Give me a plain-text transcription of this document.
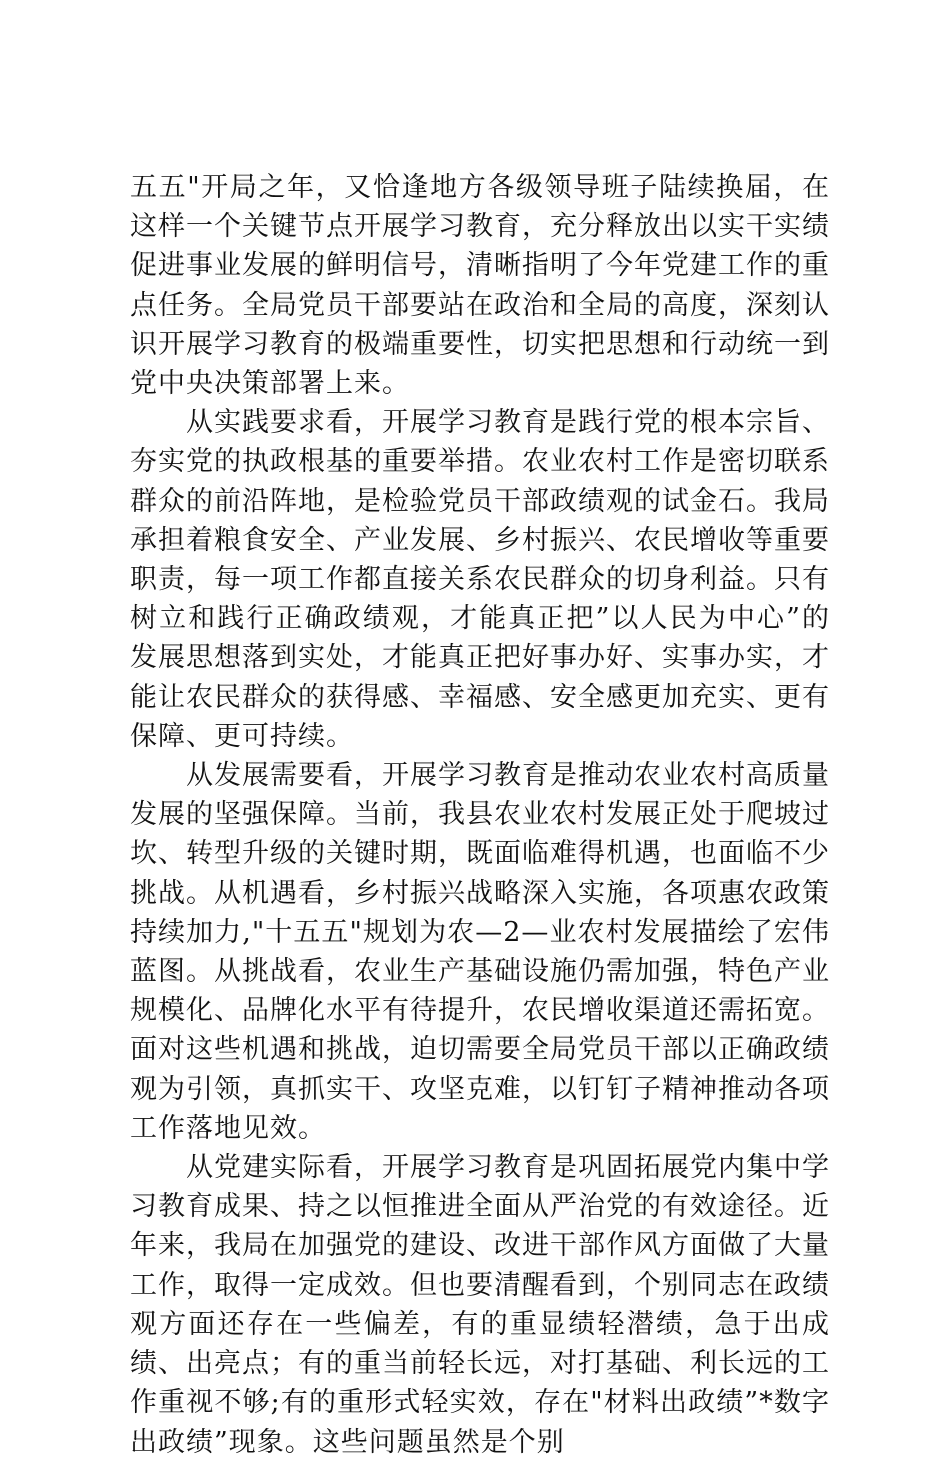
五五"开局之年，又恰逢地方各级领导班子陆续换届，在这样一个关键节点开展学习教育，充分释放出以实干实绩促进事业发展的鲜明信号，清晰指明了今年党建工作的重点任务。全局党员干部要站在政治和全局的高度，深刻认识开展学习教育的极端重要性，切实把思想和行动统一到党中央决策部署上来。

从实践要求看，开展学习教育是践行党的根本宗旨、夯实党的执政根基的重要举措。农业农村工作是密切联系群众的前沿阵地，是检验党员干部政绩观的试金石。我局承担着粮食安全、产业发展、乡村振兴、农民增收等重要职责，每一项工作都直接关系农民群众的切身利益。只有树立和践行正确政绩观，才能真正把”以人民为中心”的发展思想落到实处，才能真正把好事办好、实事办实，才能让农民群众的获得感、幸福感、安全感更加充实、更有保障、更可持续。

从发展需要看，开展学习教育是推动农业农村高质量发展的坚强保障。当前，我县农业农村发展正处于爬坡过坎、转型升级的关键时期，既面临难得机遇，也面临不少挑战。从机遇看，乡村振兴战略深入实施，各项惠农政策持续加力,"十五五"规划为农—2—业农村发展描绘了宏伟蓝图。从挑战看，农业生产基础设施仍需加强，特色产业规模化、品牌化水平有待提升，农民增收渠道还需拓宽。面对这些机遇和挑战，迫切需要全局党员干部以正确政绩观为引领，真抓实干、攻坚克难，以钉钉子精神推动各项工作落地见效。

从党建实际看，开展学习教育是巩固拓展党内集中学习教育成果、持之以恒推进全面从严治党的有效途径。近年来，我局在加强党的建设、改进干部作风方面做了大量工作，取得一定成效。但也要清醒看到，个别同志在政绩观方面还存在一些偏差，有的重显绩轻潜绩，急于出成绩、出亮点；有的重当前轻长远，对打基础、利长远的工作重视不够;有的重形式轻实效，存在"材料出政绩”*数字出政绩”现象。这些问题虽然是个别
